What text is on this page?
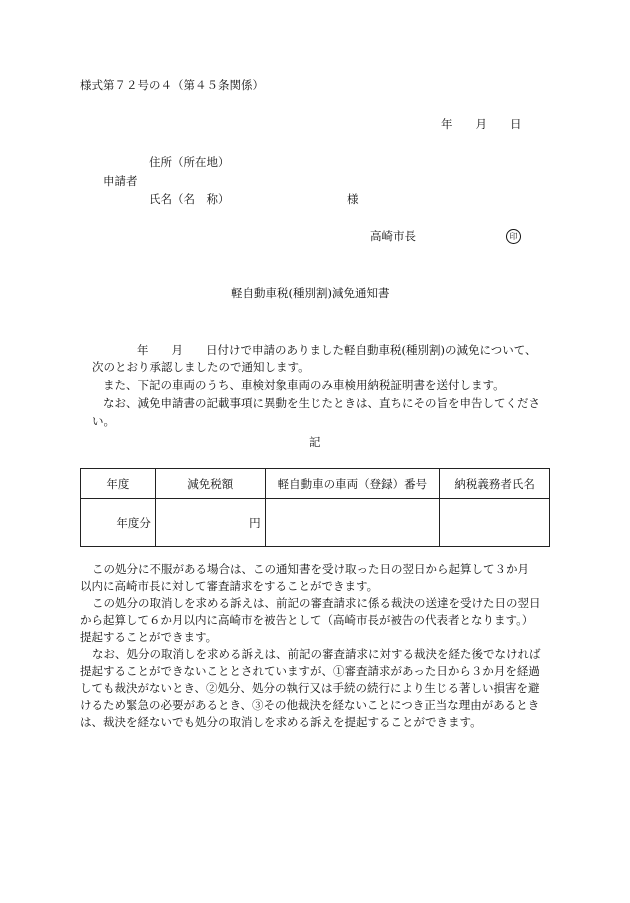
様式第７２号の４（第４５条関係）
年　　月　　日
住所（所在地）
申請者
氏名（名　称）	様
高崎市長	印
軽自動車税(種別割)減免通知書
年　　月　　日付けで申請のありました軽自動車税(種別割)の減免について、
次のとおり承認しましたので通知します。
また、下記の車両のうち、車検対象車両のみ車検用納税証明書を送付します。
なお、減免申請書の記載事項に異動を生じたときは、直ちにその旨を申告してくださ
い。
記
年度	減免税額	軽自動車の車両（登録）番号	納税義務者氏名
年度分	円		
この処分に不服がある場合は、この通知書を受け取った日の翌日から起算して３か月
以内に高崎市長に対して審査請求をすることができます。
この処分の取消しを求める訴えは、前記の審査請求に係る裁決の送達を受けた日の翌日
から起算して６か月以内に高崎市を被告として（高崎市長が被告の代表者となります。）
提起することができます。
なお、処分の取消しを求める訴えは、前記の審査請求に対する裁決を経た後でなければ
提起することができないこととされていますが、①審査請求があった日から３か月を経過
しても裁決がないとき、②処分、処分の執行又は手続の続行により生じる著しい損害を避
けるため緊急の必要があるとき、③その他裁決を経ないことにつき正当な理由があるとき
は、裁決を経ないでも処分の取消しを求める訴えを提起することができます。
